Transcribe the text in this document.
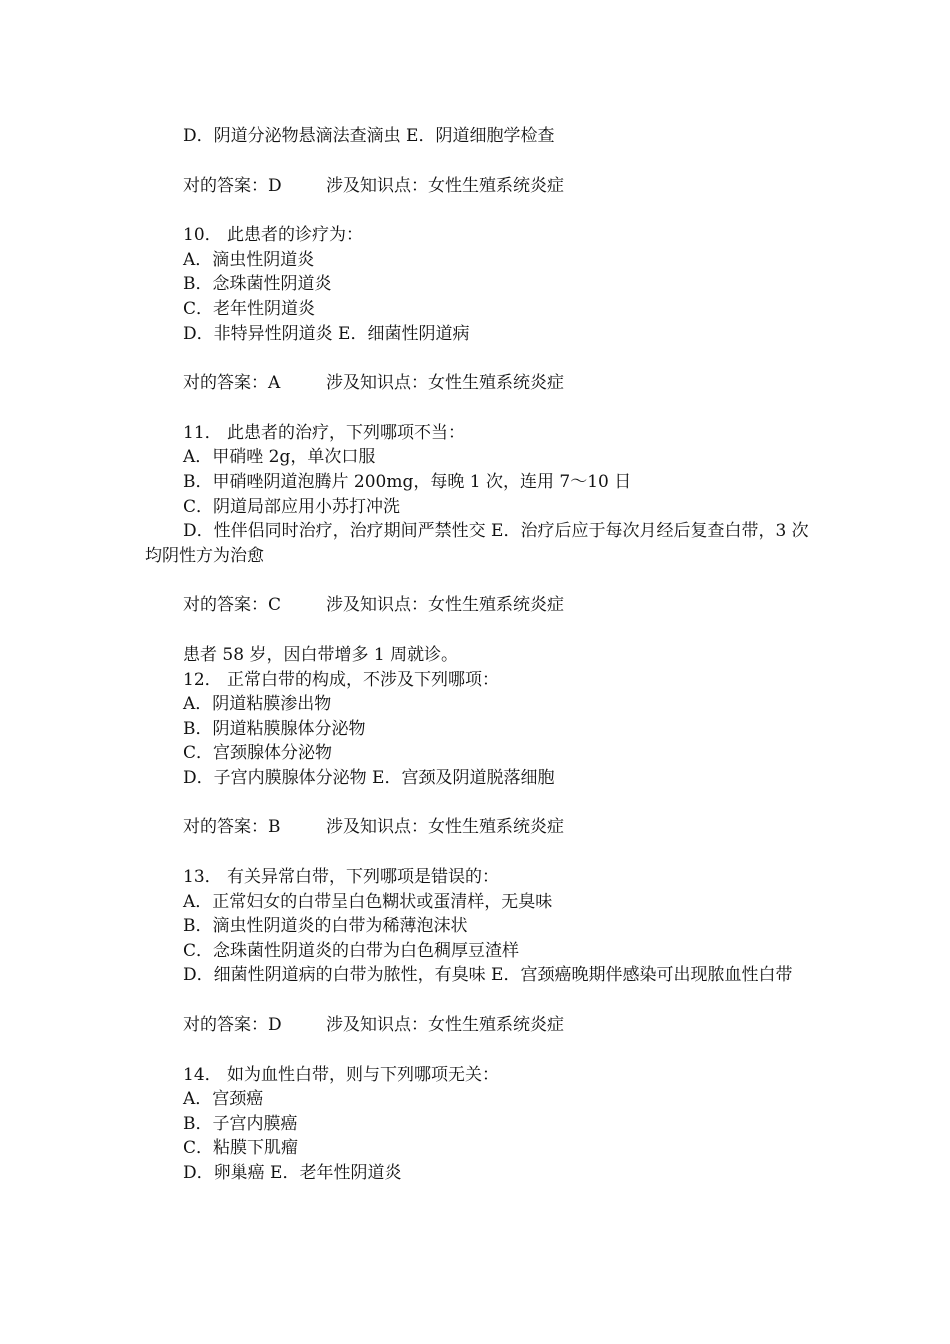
D．阴道分泌物悬滴法查滴虫 E．阴道细胞学检查

对的答案：D	涉及知识点：女性生殖系统炎症

10． 此患者的诊疗为：

A．滴虫性阴道炎

B．念珠菌性阴道炎

C．老年性阴道炎

D．非特异性阴道炎 E．细菌性阴道病

对的答案：A	涉及知识点：女性生殖系统炎症

11． 此患者的治疗，下列哪项不当：

A．甲硝唑 2g，单次口服

B．甲硝唑阴道泡腾片 200mg，每晚 1 次，连用 7～10 日

C．阴道局部应用小苏打冲洗

D．性伴侣同时治疗，治疗期间严禁性交 E．治疗后应于每次月经后复查白带，3 次均阴性方为治愈

对的答案：C	涉及知识点：女性生殖系统炎症

患者 58 岁，因白带增多 1 周就诊。

12． 正常白带的构成，不涉及下列哪项：

A．阴道粘膜渗出物

B．阴道粘膜腺体分泌物

C．宫颈腺体分泌物

D．子宫内膜腺体分泌物 E．宫颈及阴道脱落细胞

对的答案：B	涉及知识点：女性生殖系统炎症

13． 有关异常白带，下列哪项是错误的：

A．正常妇女的白带呈白色糊状或蛋清样，无臭味

B．滴虫性阴道炎的白带为稀薄泡沫状

C．念珠菌性阴道炎的白带为白色稠厚豆渣样

D．细菌性阴道病的白带为脓性，有臭味 E．宫颈癌晚期伴感染可出现脓血性白带

对的答案：D	涉及知识点：女性生殖系统炎症

14． 如为血性白带，则与下列哪项无关：

A．宫颈癌

B．子宫内膜癌

C．粘膜下肌瘤

D．卵巢癌 E．老年性阴道炎
